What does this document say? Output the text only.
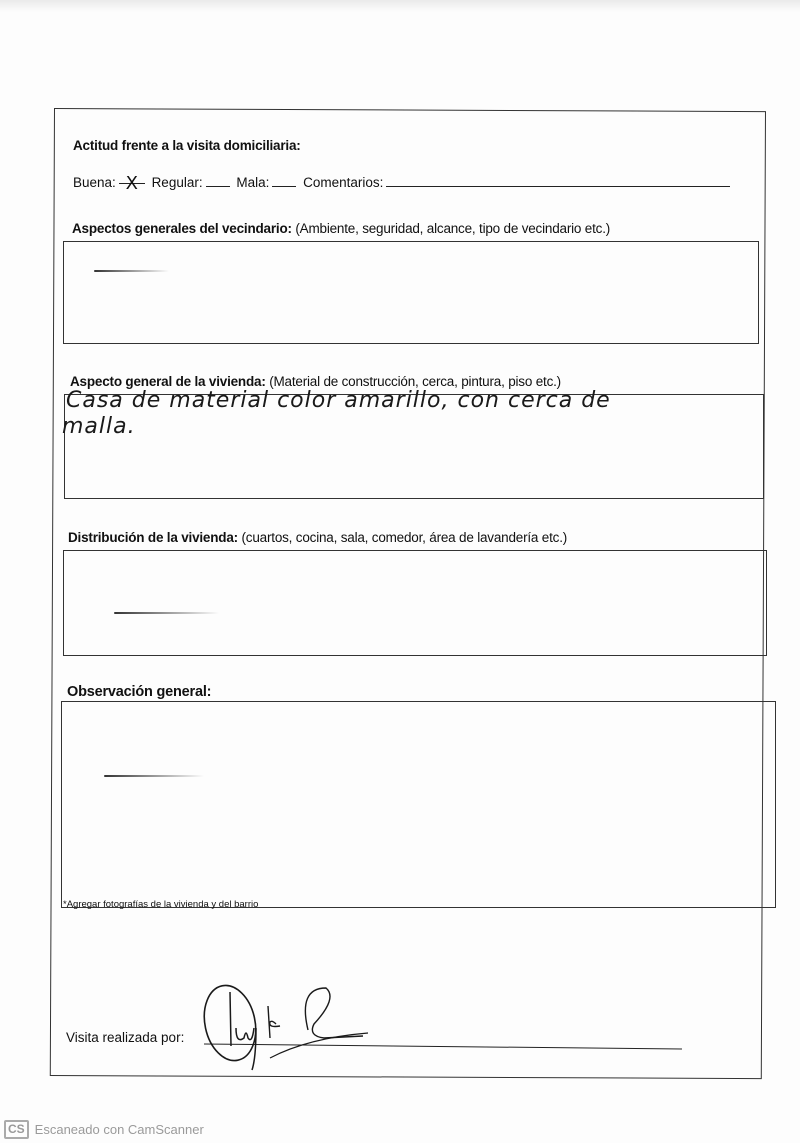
Actitud frente a la visita domiciliaria:
Buena: X Regular:	Mala:	Comentarios:
Aspectos generales del vecindario: (Ambiente, seguridad, alcance, tipo de vecindario etc.)
Aspecto general de la vivienda: (Material de construcción, cerca, pintura, piso etc.)
Casa de material color amarillo, con cerca de
malla.
Distribución de la vivienda: (cuartos, cocina, sala, comedor, área de lavandería etc.)
Observación general:
*Agregar fotografías de la vivienda y del barrio
Visita realizada por:
CS Escaneado con CamScanner
